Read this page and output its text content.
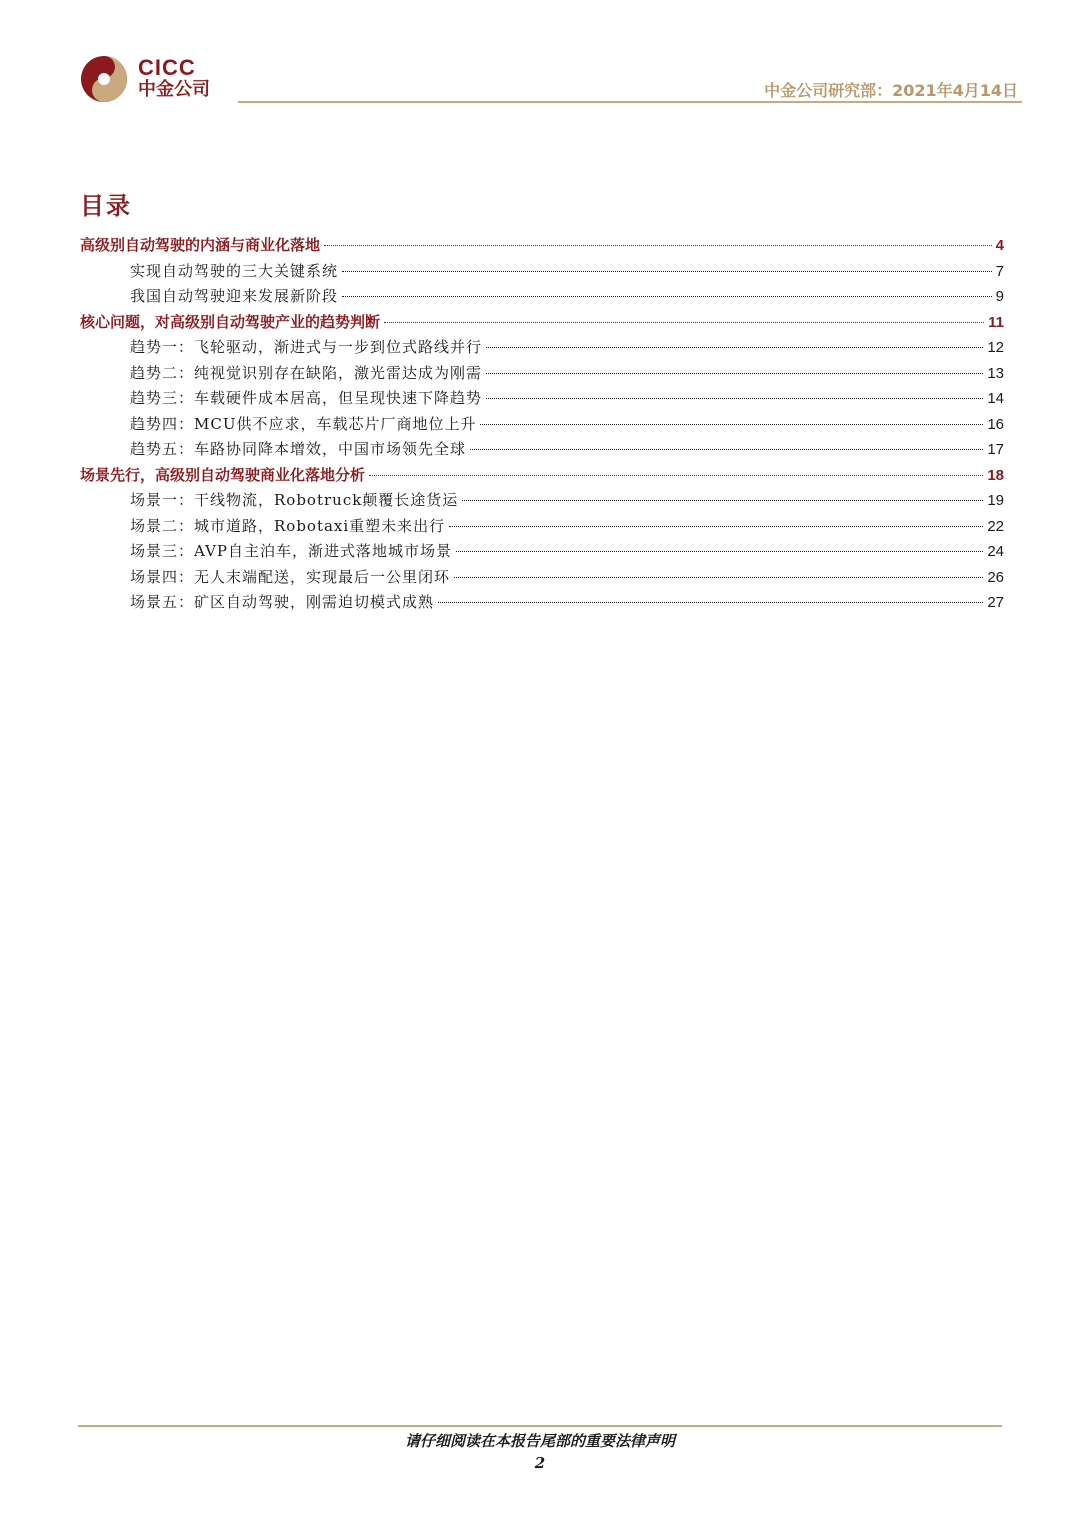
CICC
中金公司	中金公司研究部：2021年4月14日
目录
高级别自动驾驶的内涵与商业化落地	4
实现自动驾驶的三大关键系统	7
我国自动驾驶迎来发展新阶段	9
核心问题，对高级别自动驾驶产业的趋势判断	11
趋势一：飞轮驱动，渐进式与一步到位式路线并行	12
趋势二：纯视觉识别存在缺陷，激光雷达成为刚需	13
趋势三：车载硬件成本居高，但呈现快速下降趋势	14
趋势四：MCU供不应求，车载芯片厂商地位上升	16
趋势五：车路协同降本增效，中国市场领先全球	17
场景先行，高级别自动驾驶商业化落地分析	18
场景一：干线物流，Robotruck颠覆长途货运	19
场景二：城市道路，Robotaxi重塑未来出行	22
场景三：AVP自主泊车，渐进式落地城市场景	24
场景四：无人末端配送，实现最后一公里闭环	26
场景五：矿区自动驾驶，刚需迫切模式成熟	27
请仔细阅读在本报告尾部的重要法律声明
2
